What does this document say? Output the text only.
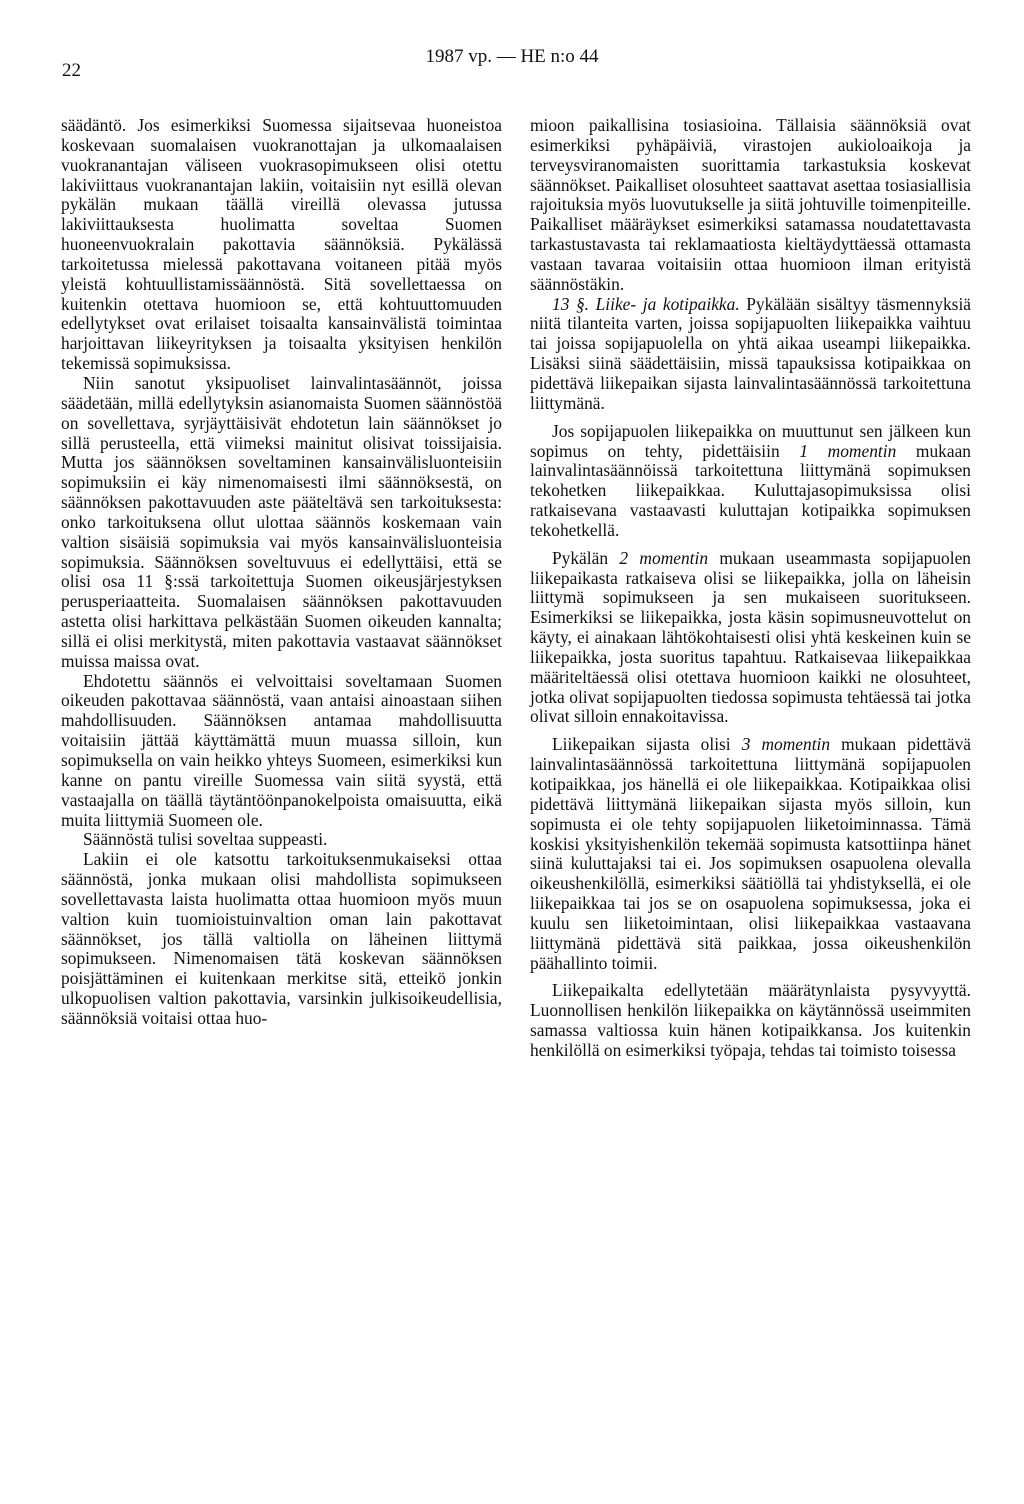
22
1987 vp. — HE n:o 44

säädäntö. Jos esimerkiksi Suomessa sijaitsevaa huoneistoa koskevaan suomalaisen vuokranottajan ja ulkomaalaisen vuokranantajan väliseen vuokrasopimukseen olisi otettu lakiviittaus vuokranantajan lakiin, voitaisiin nyt esillä olevan pykälän mukaan täällä vireillä olevassa jutussa lakiviittauksesta huolimatta soveltaa Suomen huoneenvuokralain pakottavia säännöksiä. Pykälässä tarkoitetussa mielessä pakottavana voitaneen pitää myös yleistä kohtuullistamissäännöstä. Sitä sovellettaessa on kuitenkin otettava huomioon se, että kohtuuttomuuden edellytykset ovat erilaiset toisaalta kansainvälistä toimintaa harjoittavan liikeyrityksen ja toisaalta yksityisen henkilön tekemissä sopimuksissa.

Niin sanotut yksipuoliset lainvalintasäännöt, joissa säädetään, millä edellytyksin asianomaista Suomen säännöstöä on sovellettava, syrjäyttäisivät ehdotetun lain säännökset jo sillä perusteella, että viimeksi mainitut olisivat toissijaisia. Mutta jos säännöksen soveltaminen kansainvälisluonteisiin sopimuksiin ei käy nimenomaisesti ilmi säännöksestä, on säännöksen pakottavuuden aste pääteltävä sen tarkoituksesta: onko tarkoituksena ollut ulottaa säännös koskemaan vain valtion sisäisiä sopimuksia vai myös kansainvälisluonteisia sopimuksia. Säännöksen soveltuvuus ei edellyttäisi, että se olisi osa 11 §:ssä tarkoitettuja Suomen oikeusjärjestyksen perusperiaatteita. Suomalaisen säännöksen pakottavuuden astetta olisi harkittava pelkästään Suomen oikeuden kannalta; sillä ei olisi merkitystä, miten pakottavia vastaavat säännökset muissa maissa ovat.

Ehdotettu säännös ei velvoittaisi soveltamaan Suomen oikeuden pakottavaa säännöstä, vaan antaisi ainoastaan siihen mahdollisuuden. Säännöksen antamaa mahdollisuutta voitaisiin jättää käyttämättä muun muassa silloin, kun sopimuksella on vain heikko yhteys Suomeen, esimerkiksi kun kanne on pantu vireille Suomessa vain siitä syystä, että vastaajalla on täällä täytäntöönpanokelpoista omaisuutta, eikä muita liittymiä Suomeen ole.

Säännöstä tulisi soveltaa suppeasti.

Lakiin ei ole katsottu tarkoituksenmukaiseksi ottaa säännöstä, jonka mukaan olisi mahdollista sopimukseen sovellettavasta laista huolimatta ottaa huomioon myös muun valtion kuin tuomioistuinvaltion oman lain pakottavat säännökset, jos tällä valtiolla on läheinen liittymä sopimukseen. Nimenomaisen tätä koskevan säännöksen poisjättäminen ei kuitenkaan merkitse sitä, etteikö jonkin ulkopuolisen valtion pakottavia, varsinkin julkisoikeudellisia, säännöksiä voitaisi ottaa huo-

mioon paikallisina tosiasioina. Tällaisia säännöksiä ovat esimerkiksi pyhäpäiviä, virastojen aukioloaikoja ja terveysviranomaisten suorittamia tarkastuksia koskevat säännökset. Paikalliset olosuhteet saattavat asettaa tosiasiallisia rajoituksia myös luovutukselle ja siitä johtuville toimenpiteille. Paikalliset määräykset esimerkiksi satamassa noudatettavasta tarkastustavasta tai reklamaatiosta kieltäydyttäessä ottamasta vastaan tavaraa voitaisiin ottaa huomioon ilman erityistä säännöstäkin.

13 §. Liike- ja kotipaikka. Pykälään sisältyy täsmennyksiä niitä tilanteita varten, joissa sopijapuolten liikepaikka vaihtuu tai joissa sopijapuolella on yhtä aikaa useampi liikepaikka. Lisäksi siinä säädettäisiin, missä tapauksissa kotipaikkaa on pidettävä liikepaikan sijasta lainvalintasäännössä tarkoitettuna liittymänä.

Jos sopijapuolen liikepaikka on muuttunut sen jälkeen kun sopimus on tehty, pidettäisiin 1 momentin mukaan lainvalintasäännöissä tarkoitettuna liittymänä sopimuksen tekohetken liikepaikkaa. Kuluttajasopimuksissa olisi ratkaisevana vastaavasti kuluttajan kotipaikka sopimuksen tekohetkellä.

Pykälän 2 momentin mukaan useammasta sopijapuolen liikepaikasta ratkaiseva olisi se liikepaikka, jolla on läheisin liittymä sopimukseen ja sen mukaiseen suoritukseen. Esimerkiksi se liikepaikka, josta käsin sopimusneuvottelut on käyty, ei ainakaan lähtökohtaisesti olisi yhtä keskeinen kuin se liikepaikka, josta suoritus tapahtuu. Ratkaisevaa liikepaikkaa määriteltäessä olisi otettava huomioon kaikki ne olosuhteet, jotka olivat sopijapuolten tiedossa sopimusta tehtäessä tai jotka olivat silloin ennakoitavissa.

Liikepaikan sijasta olisi 3 momentin mukaan pidettävä lainvalintasäännössä tarkoitettuna liittymänä sopijapuolen kotipaikkaa, jos hänellä ei ole liikepaikkaa. Kotipaikkaa olisi pidettävä liittymänä liikepaikan sijasta myös silloin, kun sopimusta ei ole tehty sopijapuolen liiketoiminnassa. Tämä koskisi yksityishenkilön tekemää sopimusta katsottiinpa hänet siinä kuluttajaksi tai ei. Jos sopimuksen osapuolena olevalla oikeushenkilöllä, esimerkiksi säätiöllä tai yhdistyksellä, ei ole liikepaikkaa tai jos se on osapuolena sopimuksessa, joka ei kuulu sen liiketoimintaan, olisi liikepaikkaa vastaavana liittymänä pidettävä sitä paikkaa, jossa oikeushenkilön päähallinto toimii.

Liikepaikalta edellytetään määrätynlaista pysyvyyttä. Luonnollisen henkilön liikepaikka on käytännössä useimmiten samassa valtiossa kuin hänen kotipaikkansa. Jos kuitenkin henkilöllä on esimerkiksi työpaja, tehdas tai toimisto toisessa
